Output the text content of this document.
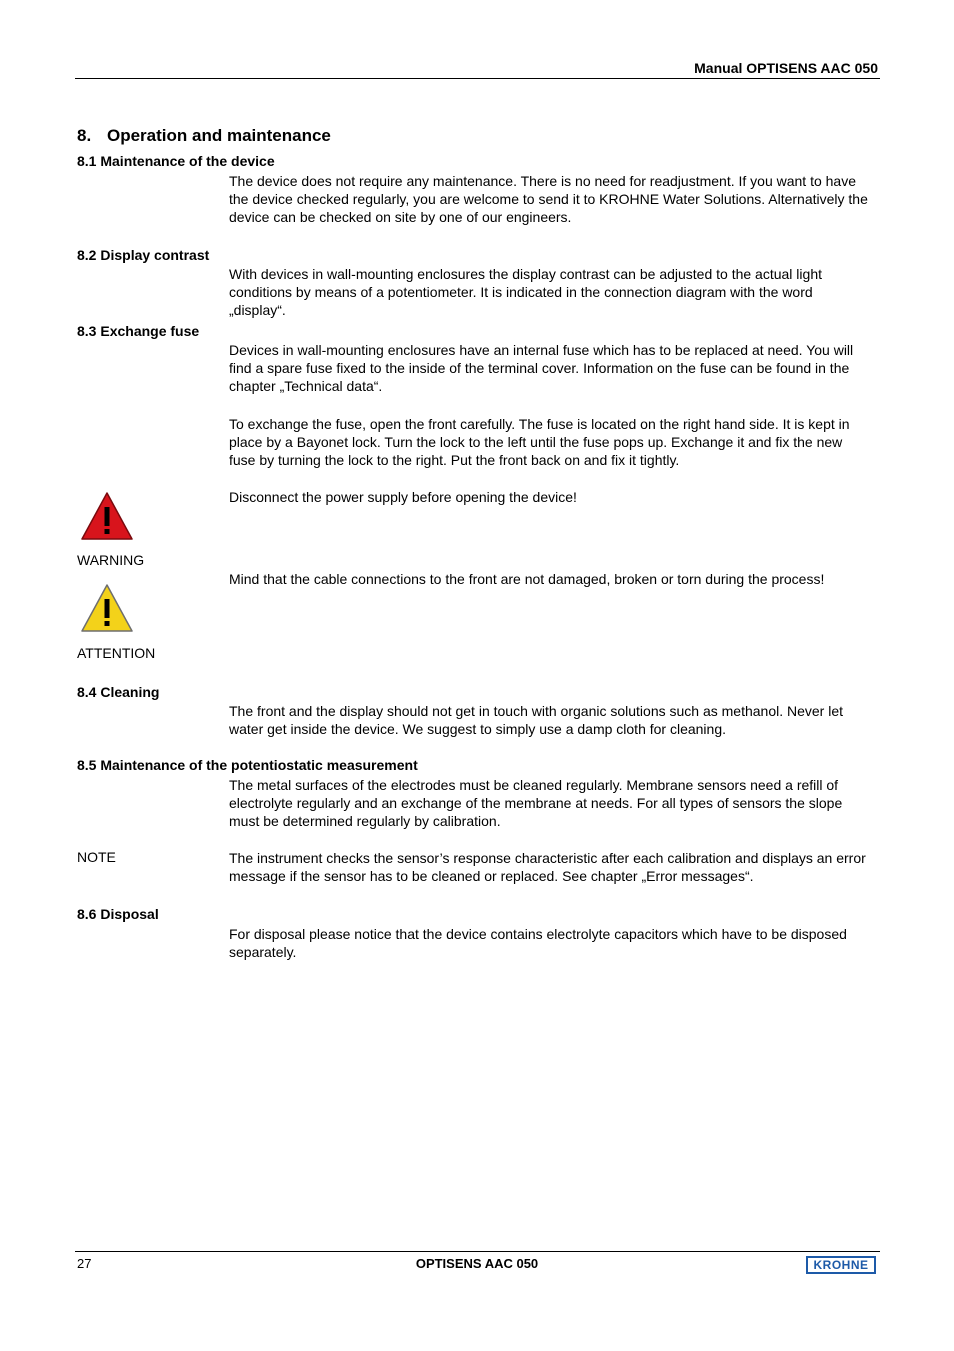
Manual OPTISENS AAC 050
8. Operation and maintenance
8.1 Maintenance of the device
The device does not require any maintenance. There is no need for readjustment. If you want to have the device checked regularly, you are welcome to send it to KROHNE Water Solutions. Alternatively the device can be checked on site by one of our engineers.
8.2 Display contrast
With devices in wall-mounting enclosures the display contrast can be adjusted to the actual light conditions by means of a potentiometer. It is indicated in the connection diagram with the word „display“.
8.3 Exchange fuse
Devices in wall-mounting enclosures have an internal fuse which has to be replaced at need. You will find a spare fuse fixed to the inside of the terminal cover. Information on the fuse can be found in the chapter „Technical data“.
To exchange the fuse, open the front carefully. The fuse is located on the right hand side. It is kept in place by a Bayonet lock. Turn the lock to the left until the fuse pops up. Exchange it and fix the new fuse by turning the lock to the right. Put the front back on and fix it tightly.
Disconnect the power supply before opening the device!
WARNING
Mind that the cable connections to the front are not damaged, broken or torn during the process!
ATTENTION
8.4 Cleaning
The front and the display should not get in touch with organic solutions such as methanol. Never let water get inside the device. We suggest to simply use a damp cloth for cleaning.
8.5 Maintenance of the potentiostatic measurement
The metal surfaces of the electrodes must be cleaned regularly. Membrane sensors need a refill of electrolyte regularly and an exchange of the membrane at needs. For all types of sensors the slope must be determined regularly by calibration.
NOTE	The instrument checks the sensor’s response characteristic after each calibration and displays an error message if the sensor has to be cleaned or replaced. See chapter „Error messages“.
8.6 Disposal
For disposal please notice that the device contains electrolyte capacitors which have to be disposed separately.
27	OPTISENS AAC 050	KROHNE
